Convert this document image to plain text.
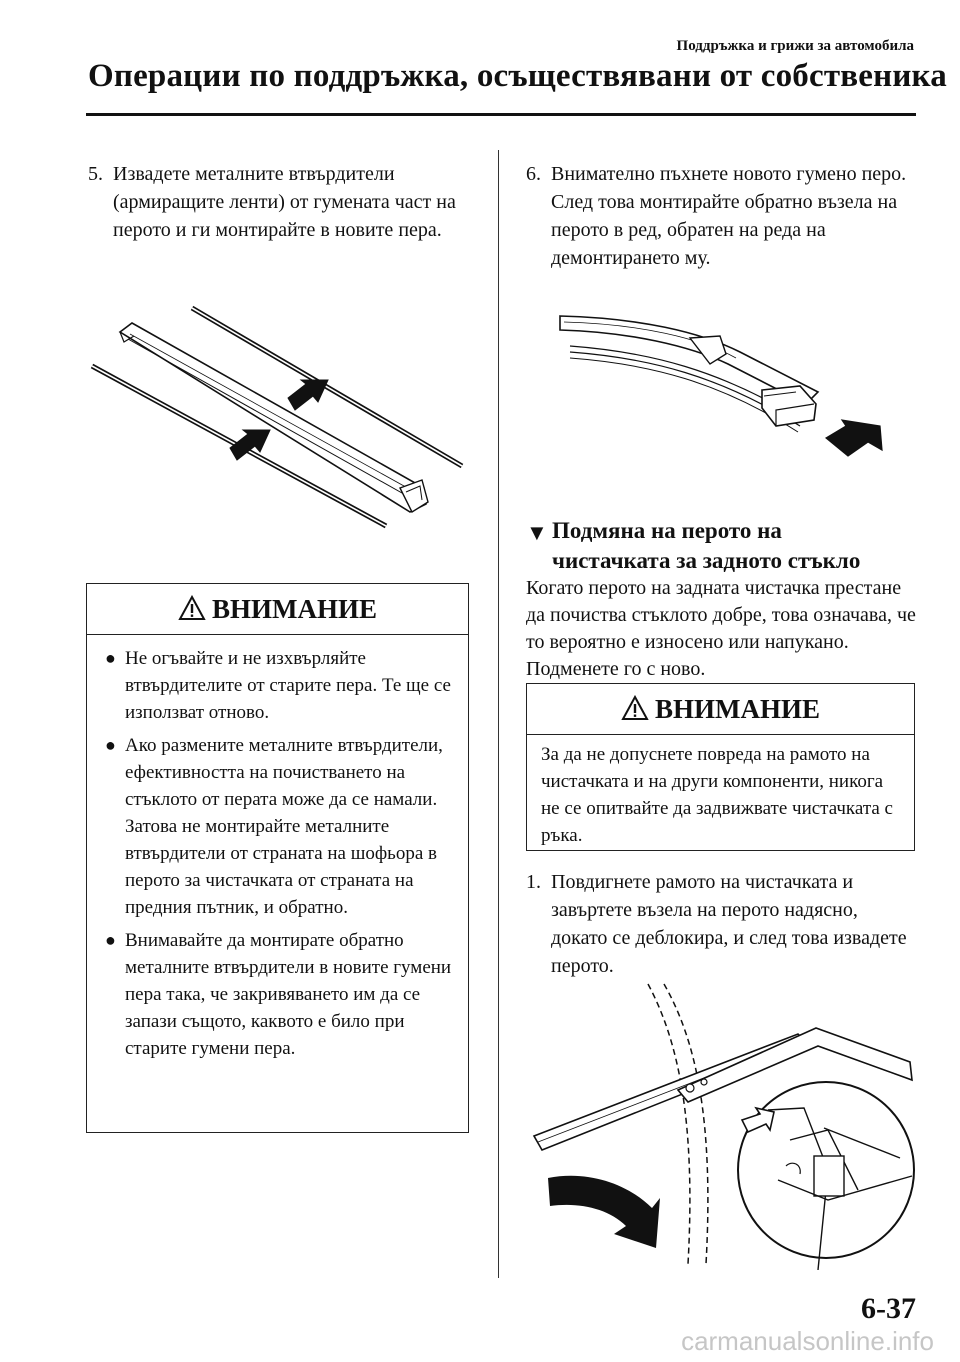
Поддръжка и грижи за автомобила
Операции по поддръжка, осъществявани от собственика
5. Извадете металните втвърдители (армиращите ленти) от гумената част на перото и ги монтирайте в новите пера.
ВНИМАНИЕ
● Не огъвайте и не изхвърляйте втвърдителите от старите пера. Те ще се използват отново.
● Ако размените металните втвърдители, ефективността на почистването на стъклото от перата може да се намали. Затова не монтирайте металните втвърдители от страната на шофьора в перото за чистачката от страната на предния пътник, и обратно.
● Внимавайте да монтирате обратно металните втвърдители в новите гумени пера така, че закривяването им да се запази същото, каквото е било при старите гумени пера.
6. Внимателно пъхнете новото гумено перо. След това монтирайте обратно възела на перото в ред, обратен на реда на демонтирането му.
▼ Подмяна на перото на
чистачката за задното стъкло
Когато перото на задната чистачка престане да почиства стъклото добре, това означава, че то вероятно е износено или напукано. Подменете го с ново.
ВНИМАНИЕ
За да не допуснете повреда на рамото на чистачката и на други компоненти, никога не се опитвайте да задвижвате чистачката с ръка.
1. Повдигнете рамото на чистачката и завъртете възела на перото надясно, докато се деблокира, и след това извадете перото.
6-37
carmanualsonline.info
